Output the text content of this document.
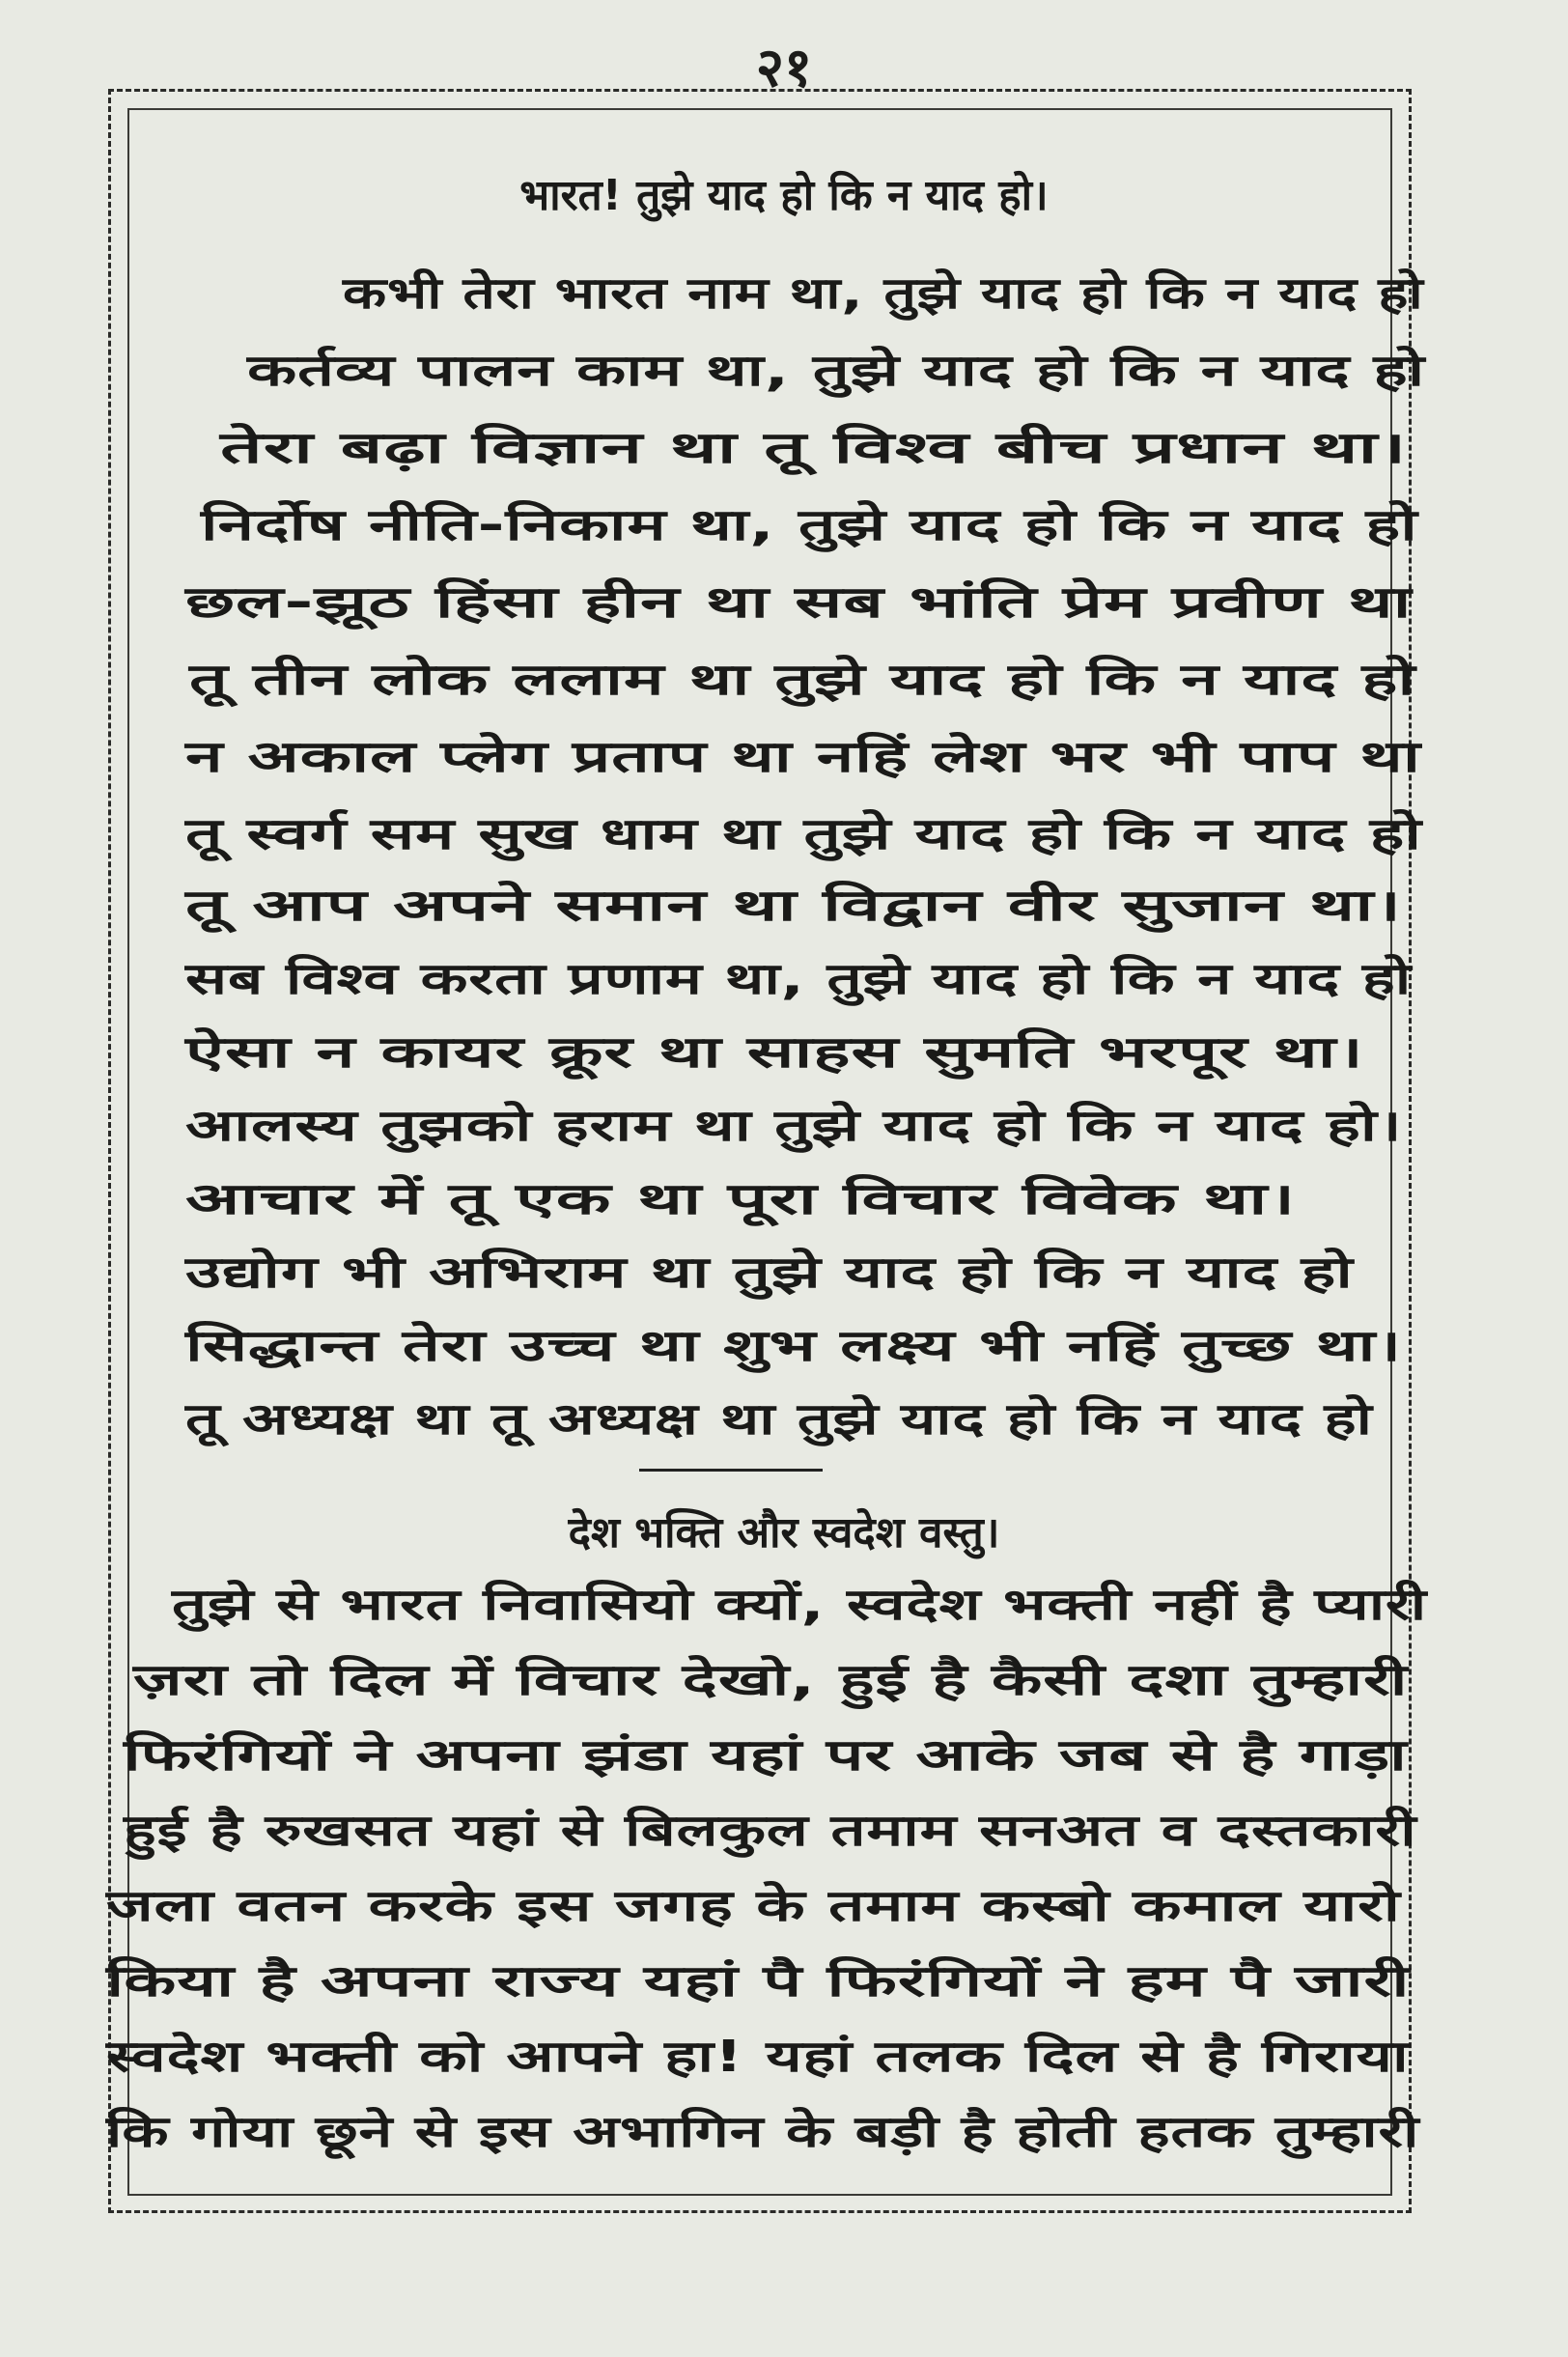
२१
भारत! तुझे याद हो कि न याद हो।
कभी तेरा भारत नाम था, तुझे याद हो कि न याद हो
कर्तव्य पालन काम था, तुझे याद हो कि न याद हो
तेरा बढ़ा विज्ञान था तू विश्व बीच प्रधान था।
निर्दोष नीति-निकाम था, तुझे याद हो कि न याद हो
छल-झूठ हिंसा हीन था सब भांति प्रेम प्रवीण था
तू तीन लोक ललाम था तुझे याद हो कि न याद हो
न अकाल प्लेग प्रताप था नहिं लेश भर भी पाप था
तू स्वर्ग सम सुख धाम था तुझे याद हो कि न याद हो
तू आप अपने समान था विद्वान वीर सुजान था।
सब विश्व करता प्रणाम था, तुझे याद हो कि न याद हो
ऐसा न कायर क्रूर था साहस सुमति भरपूर था।
आलस्य तुझको हराम था तुझे याद हो कि न याद हो।
आचार में तू एक था पूरा विचार विवेक था।
उद्योग भी अभिराम था तुझे याद हो कि न याद हो
सिद्धान्त तेरा उच्च था शुभ लक्ष्य भी नहिं तुच्छ था।
तू अध्यक्ष था तू अध्यक्ष था तुझे याद हो कि न याद हो
देश भक्ति और स्वदेश वस्तु।
तुझे से भारत निवासियो क्यों, स्वदेश भक्ती नहीं है प्यारी
ज़रा तो दिल में विचार देखो, हुई है कैसी दशा तुम्हारी
फिरंगियों ने अपना झंडा यहां पर आके जब से है गाड़ा
हुई है रुखसत यहां से बिलकुल तमाम सनअत व दस्तकारी
जला वतन करके इस जगह के तमाम कस्बो कमाल यारो
किया है अपना राज्य यहां पै फिरंगियों ने हम पै जारी
स्वदेश भक्ती को आपने हा! यहां तलक दिल से है गिराया
कि गोया छूने से इस अभागिन के बड़ी है होती हतक तुम्हारी
